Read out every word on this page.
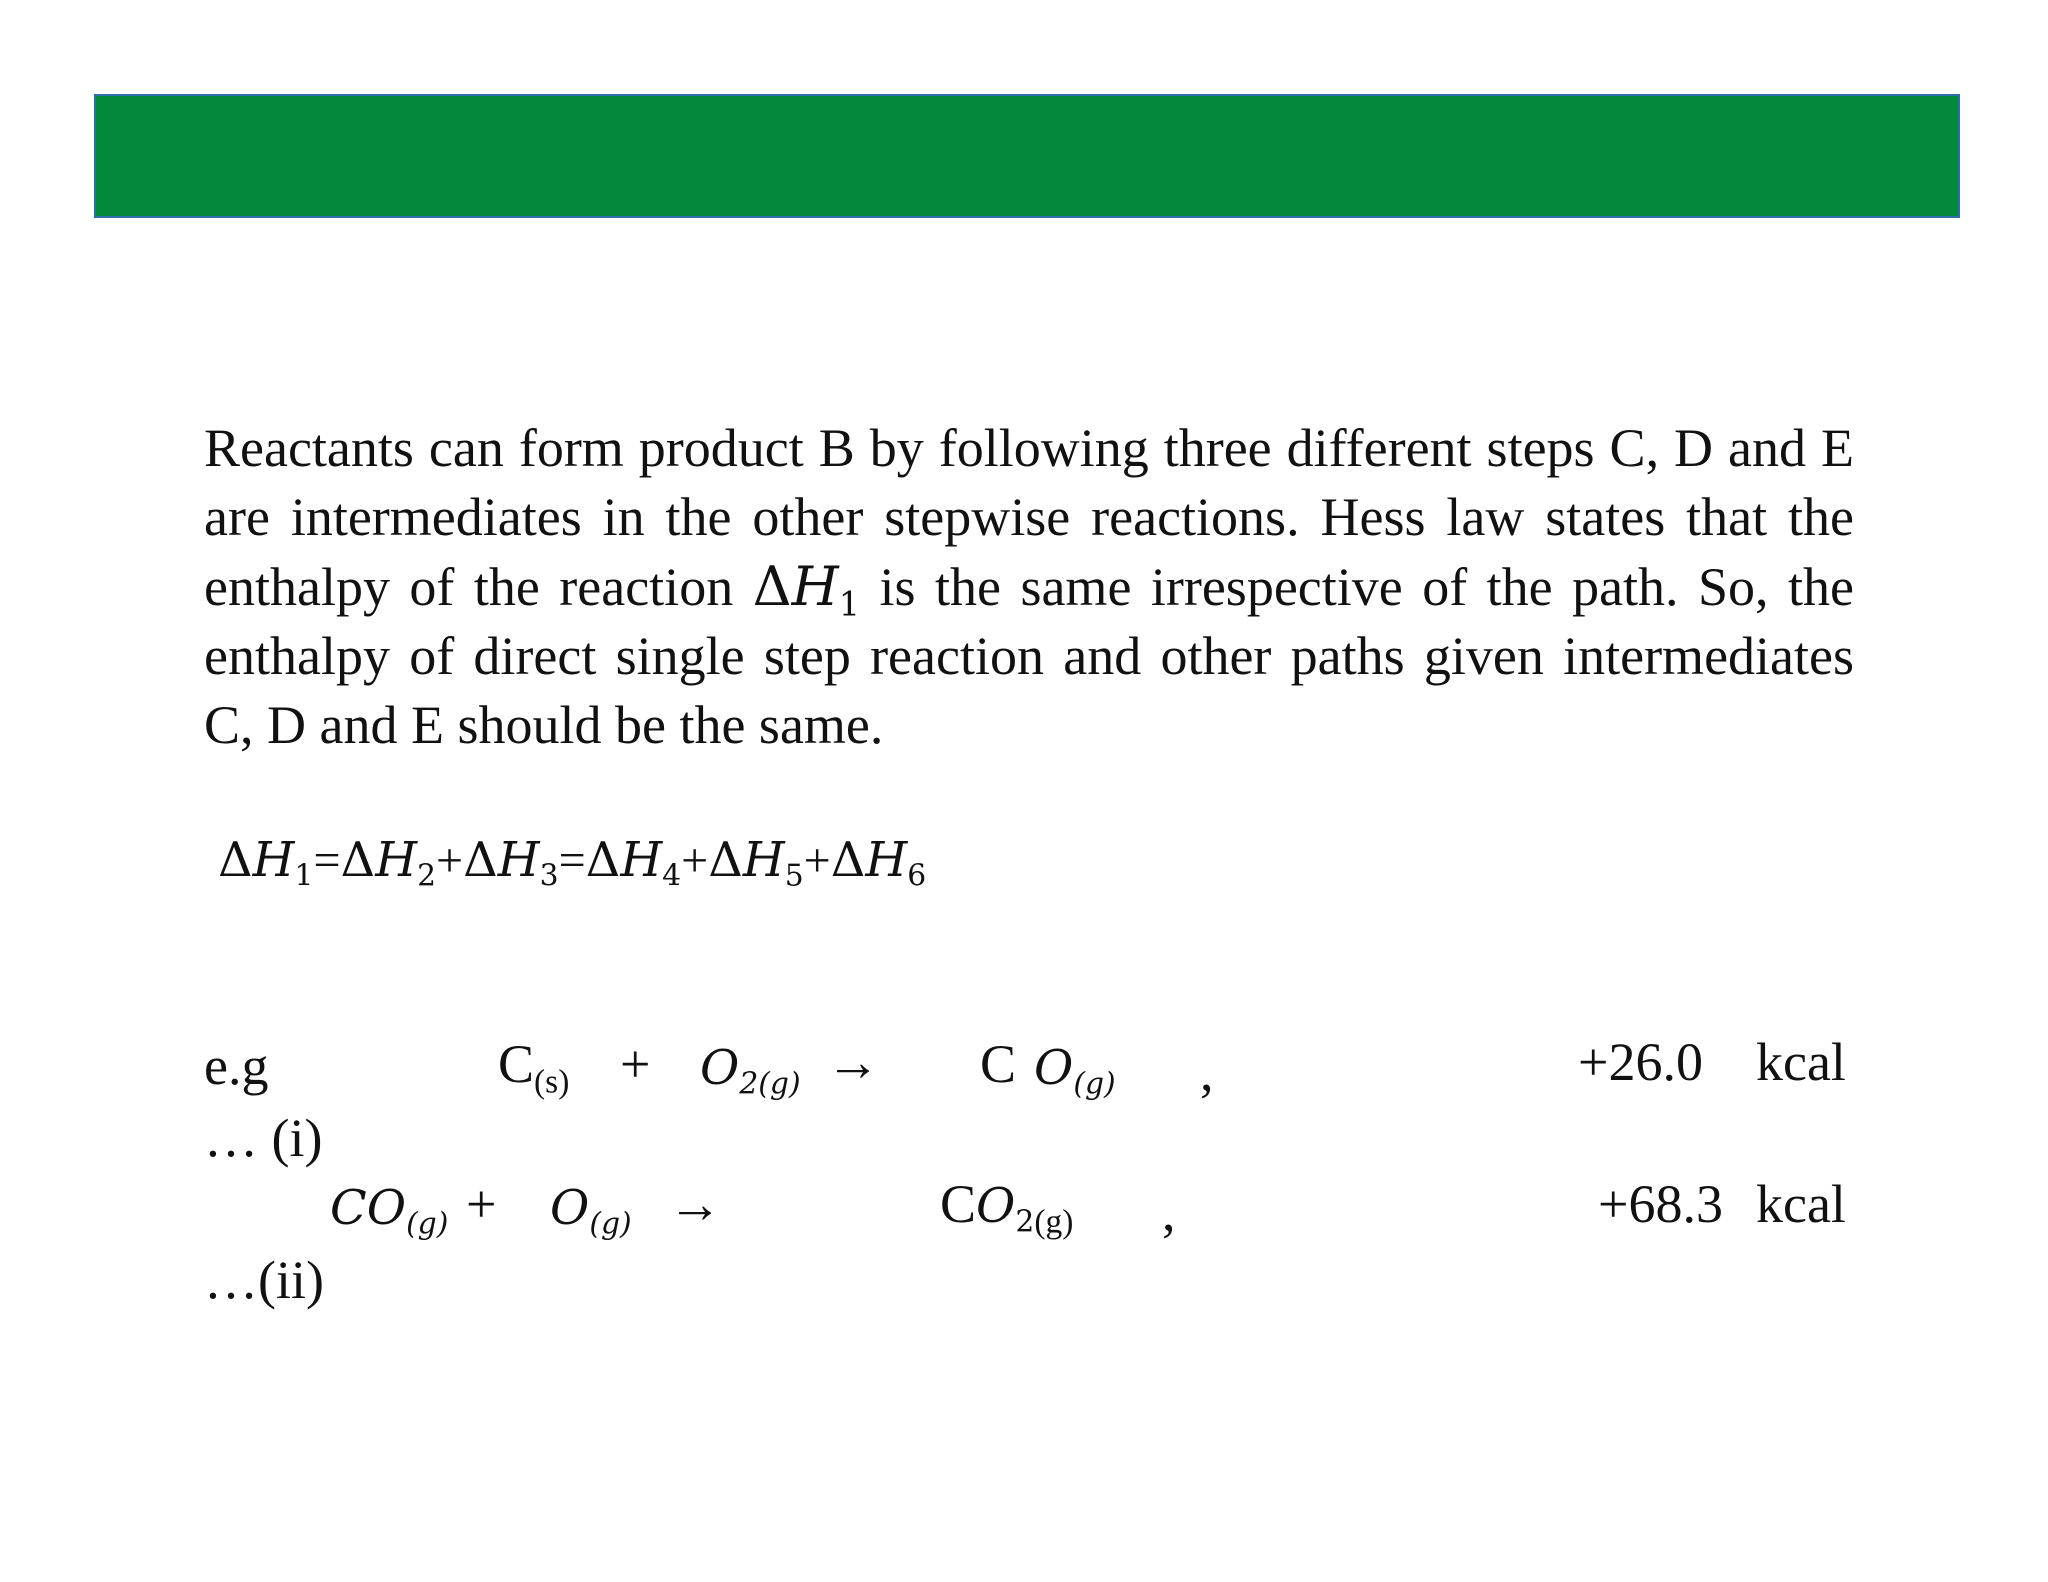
Reactants can form product B by following three different steps C, D and E are intermediates in the other stepwise reactions. Hess law states that the enthalpy of the reaction $\Delta H_1$ is the same irrespective of the path. So, the enthalpy of direct single step reaction and other paths given intermediates C, D and E should be the same.
$\Delta H_1=\Delta H_2+\Delta H_3=\Delta H_4+\Delta H_5+\Delta H_6$
e.g	$C_{(s)} + O_{2(g)} \to C$ $O_{(g)}$ ,	+26.0 kcal
… (i)
$CO_{(g)} + O_{(g)}$ →	$CO_{2(g)}$ ,	+68.3 kcal
…(ii)
